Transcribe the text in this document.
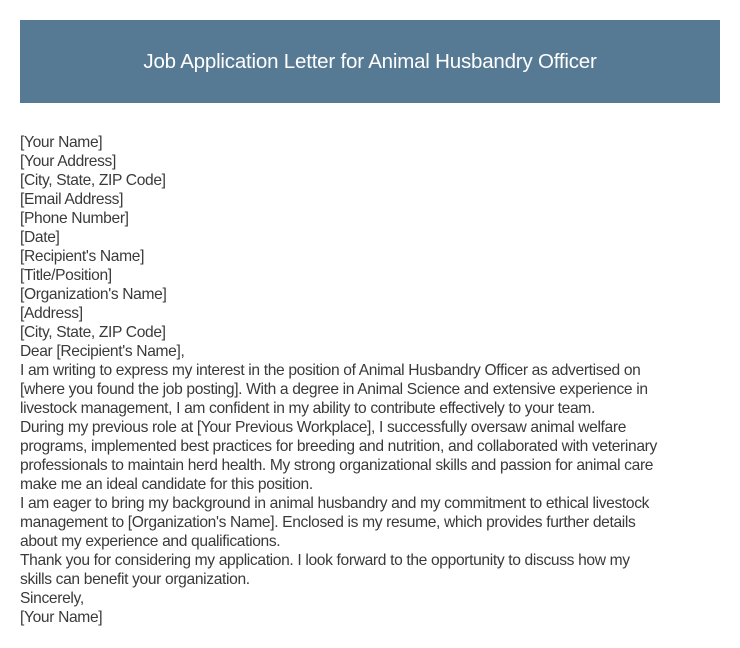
Job Application Letter for Animal Husbandry Officer
[Your Name]
[Your Address]
[City, State, ZIP Code]
[Email Address]
[Phone Number]
[Date]
[Recipient's Name]
[Title/Position]
[Organization's Name]
[Address]
[City, State, ZIP Code]
Dear [Recipient's Name],
I am writing to express my interest in the position of Animal Husbandry Officer as advertised on
[where you found the job posting]. With a degree in Animal Science and extensive experience in
livestock management, I am confident in my ability to contribute effectively to your team.
During my previous role at [Your Previous Workplace], I successfully oversaw animal welfare
programs, implemented best practices for breeding and nutrition, and collaborated with veterinary
professionals to maintain herd health. My strong organizational skills and passion for animal care
make me an ideal candidate for this position.
I am eager to bring my background in animal husbandry and my commitment to ethical livestock
management to [Organization's Name]. Enclosed is my resume, which provides further details
about my experience and qualifications.
Thank you for considering my application. I look forward to the opportunity to discuss how my
skills can benefit your organization.
Sincerely,
[Your Name]
